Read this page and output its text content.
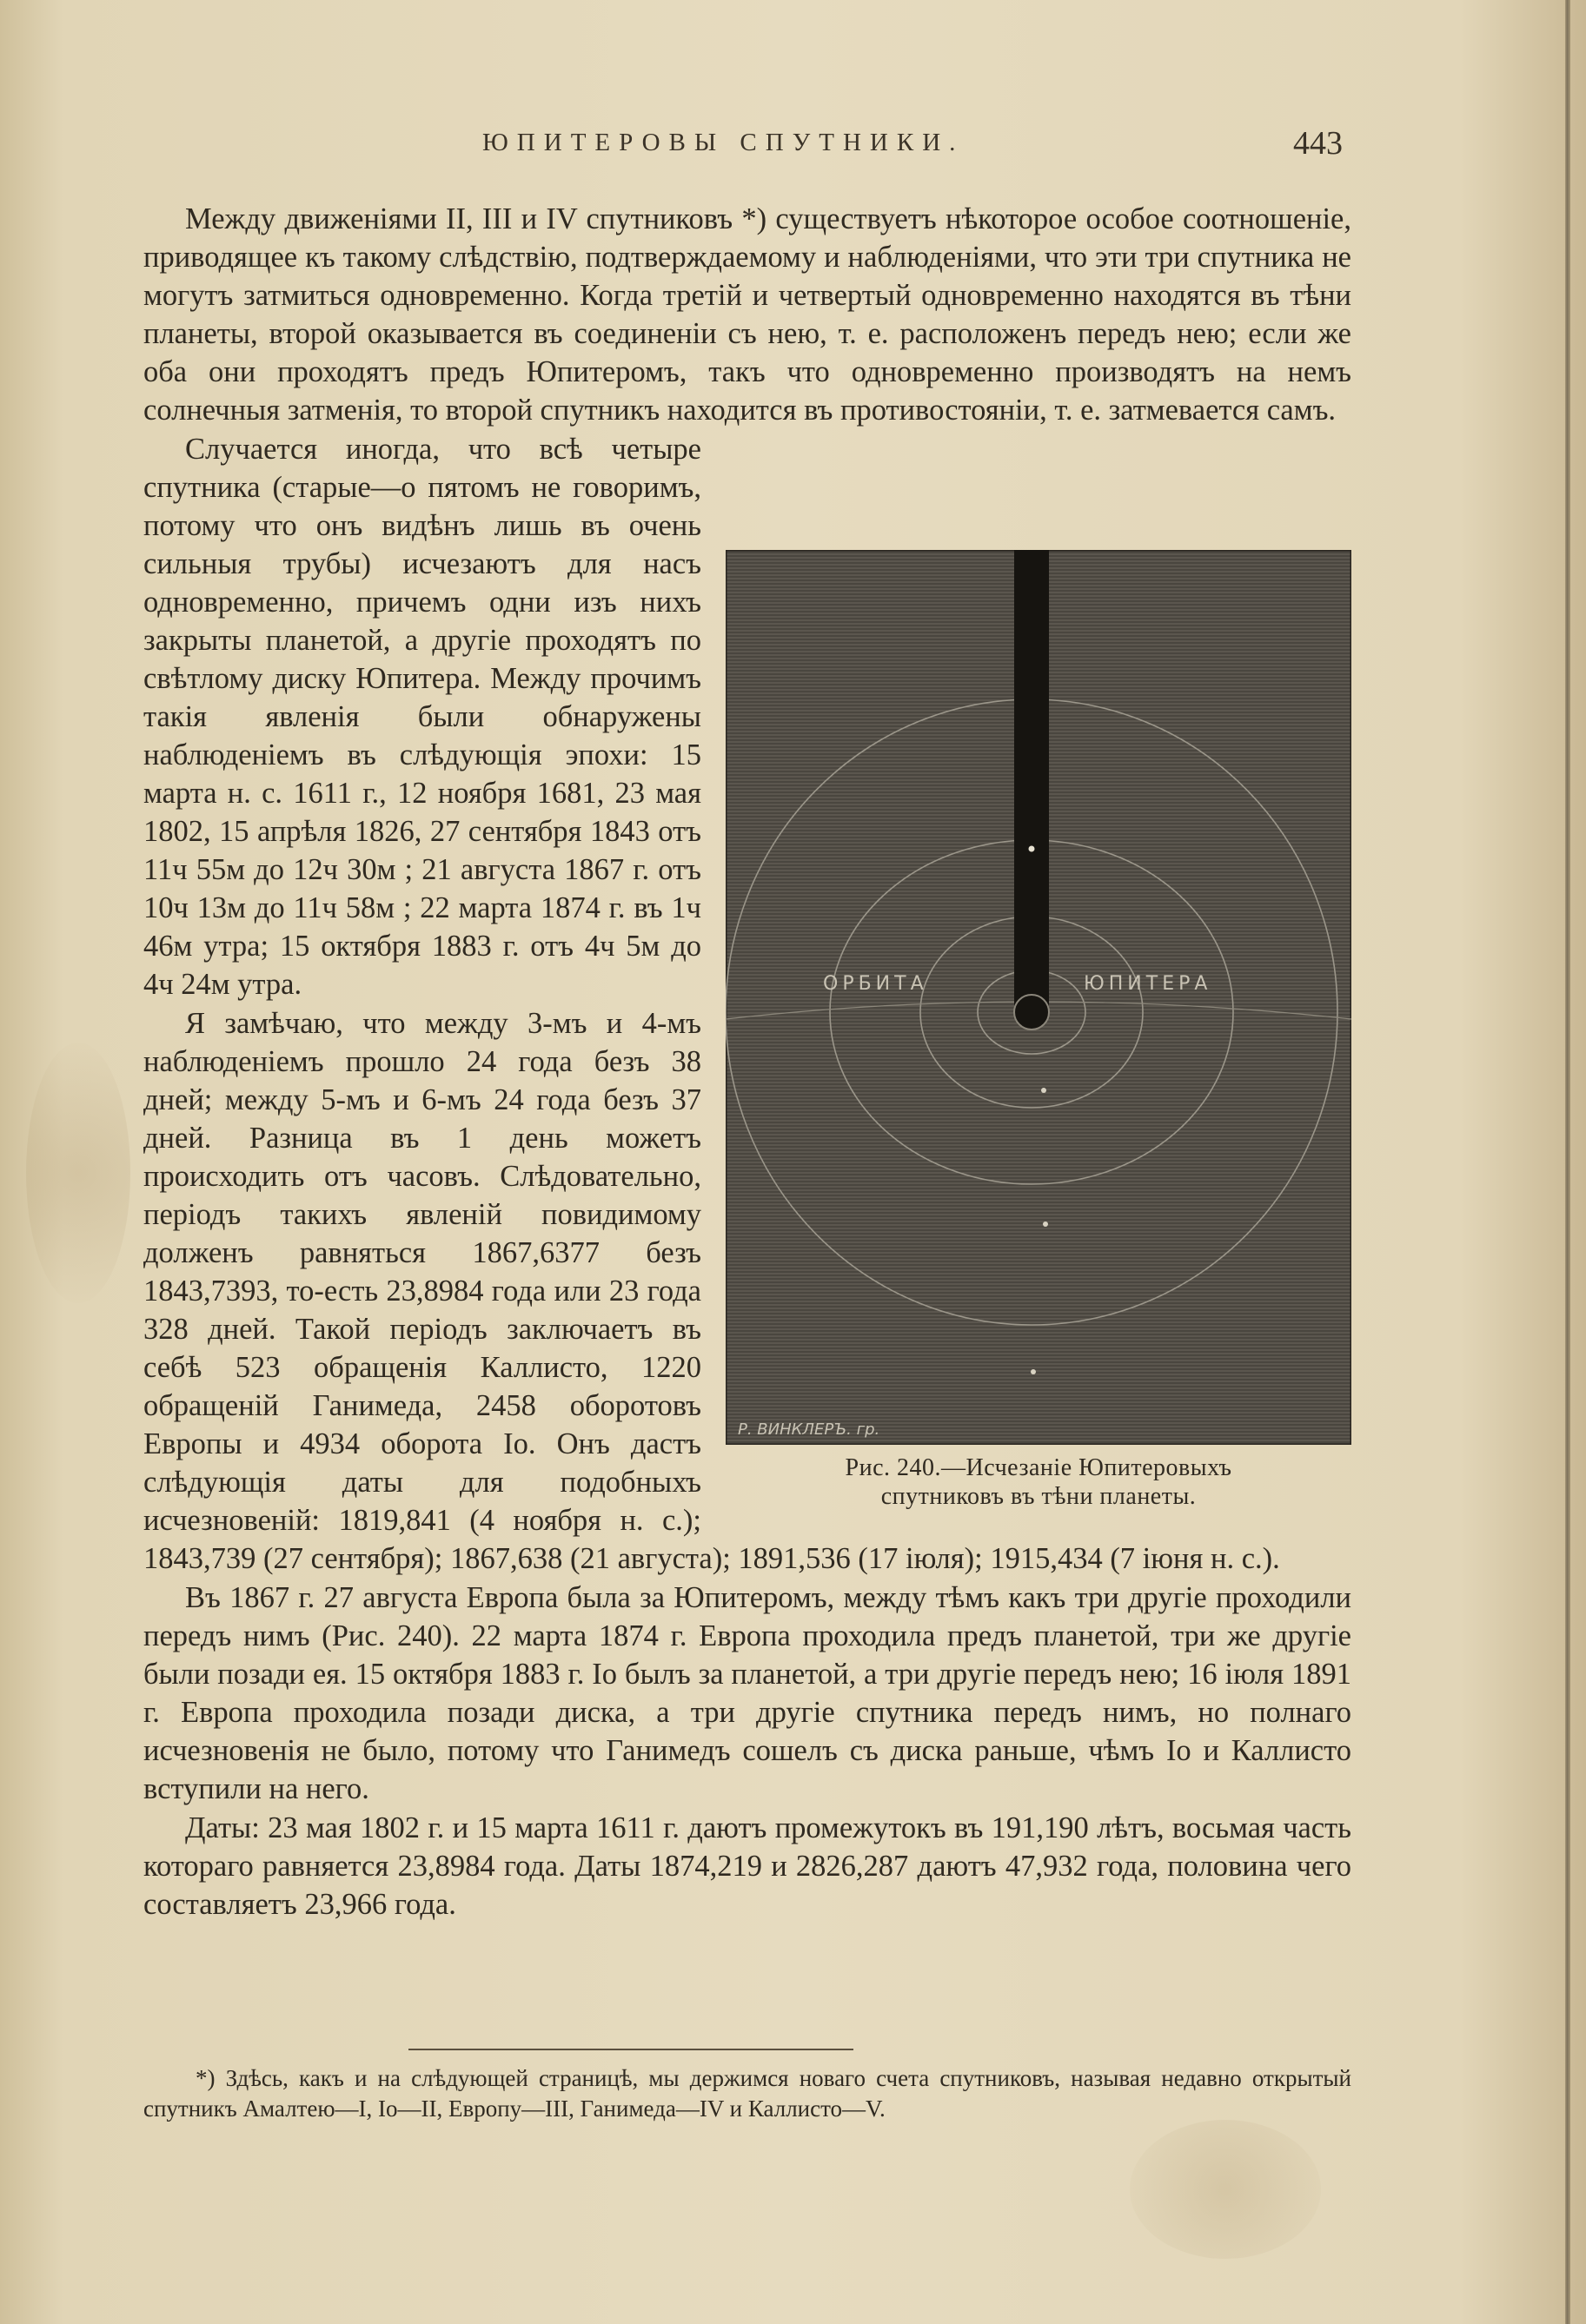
ЮПИТЕРОВЫ СПУТНИКИ.	443

Между движеніями II, III и IV спутниковъ *) существуетъ нѣкоторое особое соотношеніе, приводящее къ такому слѣдствію, подтверждаемому и наблюденіями, что эти три спутника не могутъ затмиться одновременно. Когда третій и четвертый одновременно находятся въ тѣни планеты, второй оказывается въ соединеніи съ нею, т. е. расположенъ передъ нею; если же оба они проходятъ предъ Юпитеромъ, такъ что одновременно производятъ на немъ солнечныя затменія, то второй спутникъ находится въ противостояніи, т. е. затмевается самъ.

ОРБИТА	ЮПИТЕРА
Р. ВИНКЛЕРЪ. гр.
Рис. 240.—Исчезаніе Юпитеровыхъ
спутниковъ въ тѣни планеты.

Случается иногда, что всѣ четыре спутника (старые—о пятомъ не говоримъ, потому что онъ видѣнъ лишь въ очень сильныя трубы) исчезаютъ для насъ одновременно, причемъ одни изъ нихъ закрыты планетой, а другіе проходятъ по свѣтлому диску Юпитера. Между прочимъ такія явленія были обнаружены наблюденіемъ въ слѣдующія эпохи: 15 марта н. с. 1611 г., 12 ноября 1681, 23 мая 1802, 15 апрѣля 1826, 27 сентября 1843 отъ 11ч 55м до 12ч 30м ; 21 августа 1867 г. отъ 10ч 13м до 11ч 58м ; 22 марта 1874 г. въ 1ч 46м утра; 15 октября 1883 г. отъ 4ч 5м до 4ч 24м утра.

Я замѣчаю, что между 3-мъ и 4-мъ наблюденіемъ прошло 24 года безъ 38 дней; между 5-мъ и 6-мъ 24 года безъ 37 дней. Разница въ 1 день можетъ происходить отъ часовъ. Слѣдовательно, періодъ такихъ явленій повидимому долженъ равняться 1867,6377 безъ 1843,7393, то-есть 23,8984 года или 23 года 328 дней. Такой періодъ заключаетъ въ себѣ 523 обращенія Каллисто, 1220 обращеній Ганимеда, 2458 оборотовъ Европы и 4934 оборота Іо. Онъ дастъ слѣдующія даты для подобныхъ исчезновеній: 1819,841 (4 ноября н. с.); 1843,739 (27 сентября); 1867,638 (21 августа); 1891,536 (17 іюля); 1915,434 (7 іюня н. с.).

Въ 1867 г. 27 августа Европа была за Юпитеромъ, между тѣмъ какъ три другіе проходили передъ нимъ (Рис. 240). 22 марта 1874 г. Европа проходила предъ планетой, три же другіе были позади ея. 15 октября 1883 г. Іо былъ за планетой, а три другіе передъ нею; 16 іюля 1891 г. Европа проходила позади диска, а три другіе спутника передъ нимъ, но полнаго исчезновенія не было, потому что Ганимедъ сошелъ съ диска раньше, чѣмъ Іо и Каллисто вступили на него.

Даты: 23 мая 1802 г. и 15 марта 1611 г. даютъ промежутокъ въ 191,190 лѣтъ, восьмая часть котораго равняется 23,8984 года. Даты 1874,219 и 2826,287 даютъ 47,932 года, половина чего составляетъ 23,966 года.

*) Здѣсь, какъ и на слѣдующей страницѣ, мы держимся новаго счета спутниковъ, называя недавно открытый спутникъ Амалтею—I, Іо—II, Европу—III, Ганимеда—IV и Каллисто—V.
